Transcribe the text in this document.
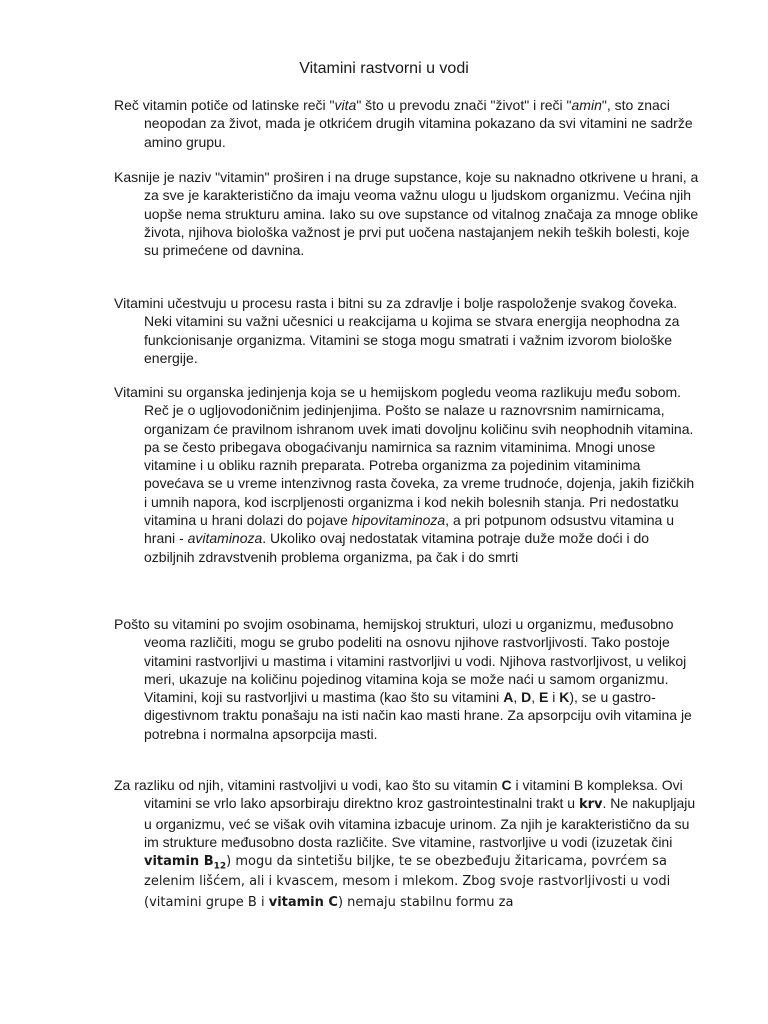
Vitamini rastvorni u vodi

Reč vitamin potiče od latinske reči "vita" što u prevodu znači "život" i reči "amin", sto znaci neopodan za život, mada je otkrićem drugih vitamina pokazano da svi vitamini ne sadrže amino grupu.

Kasnije je naziv "vitamin" proširen i na druge supstance, koje su naknadno otkrivene u hrani, a za sve je karakteristično da imaju veoma važnu ulogu u ljudskom organizmu. Većina njih uopše nema strukturu amina. Iako su ove supstance od vitalnog značaja za mnoge oblike života, njihova biološka važnost je prvi put uočena nastajanjem nekih teških bolesti, koje su primećene od davnina.

Vitamini učestvuju u procesu rasta i bitni su za zdravlje i bolje raspoloženje svakog čoveka. Neki vitamini su važni učesnici u reakcijama u kojima se stvara energija neophodna za funkcionisanje organizma. Vitamini se stoga mogu smatrati i važnim izvorom biološke energije.

Vitamini su organska jedinjenja koja se u hemijskom pogledu veoma razlikuju među sobom. Reč je o ugljovodoničnim jedinjenjima. Pošto se nalaze u raznovrsnim namirnicama, organizam će pravilnom ishranom uvek imati dovoljnu količinu svih neophodnih vitamina. pa se često pribegava obogaćivanju namirnica sa raznim vitaminima. Mnogi unose vitamine i u obliku raznih preparata. Potreba organizma za pojedinim vitaminima povećava se u vreme intenzivnog rasta čoveka, za vreme trudnoće, dojenja, jakih fizičkih i umnih napora, kod iscrpljenosti organizma i kod nekih bolesnih stanja. Pri nedostatku vitamina u hrani dolazi do pojave hipovitaminoza, a pri potpunom odsustvu vitamina u hrani - avitaminoza. Ukoliko ovaj nedostatak vitamina potraje duže može doći i do ozbiljnih zdravstvenih problema organizma, pa čak i do smrti

Pošto su vitamini po svojim osobinama, hemijskoj strukturi, ulozi u organizmu, međusobno veoma različiti, mogu se grubo podeliti na osnovu njihove rastvorljivosti. Tako postoje vitamini rastvorljivi u mastima i vitamini rastvorljivi u vodi. Njihova rastvorljivost, u velikoj meri, ukazuje na količinu pojedinog vitamina koja se može naći u samom organizmu. Vitamini, koji su rastvorljivi u mastima (kao što su vitamini A, D, E i K), se u gastro-digestivnom traktu ponašaju na isti način kao masti hrane. Za apsorpciju ovih vitamina je potrebna i normalna apsorpcija masti.

Za razliku od njih, vitamini rastvoljivi u vodi, kao što su vitamin C i vitamini B kompleksa. Ovi vitamini se vrlo lako apsorbiraju direktno kroz gastrointestinalni trakt u krv. Ne nakupljaju u organizmu, već se višak ovih vitamina izbacuje urinom. Za njih je karakteristično da su im strukture međusobno dosta različite. Sve vitamine, rastvorljive u vodi (izuzetak čini vitamin $B_{12}$) mogu da sintetišu biljke, te se obezbeđuju žitaricama, povrćem sa zelenim lišćem, ali i kvascem, mesom i mlekom. Zbog svoje rastvorljivosti u vodi (vitamini grupe B i vitamin C) nemaju stabilnu formu za
